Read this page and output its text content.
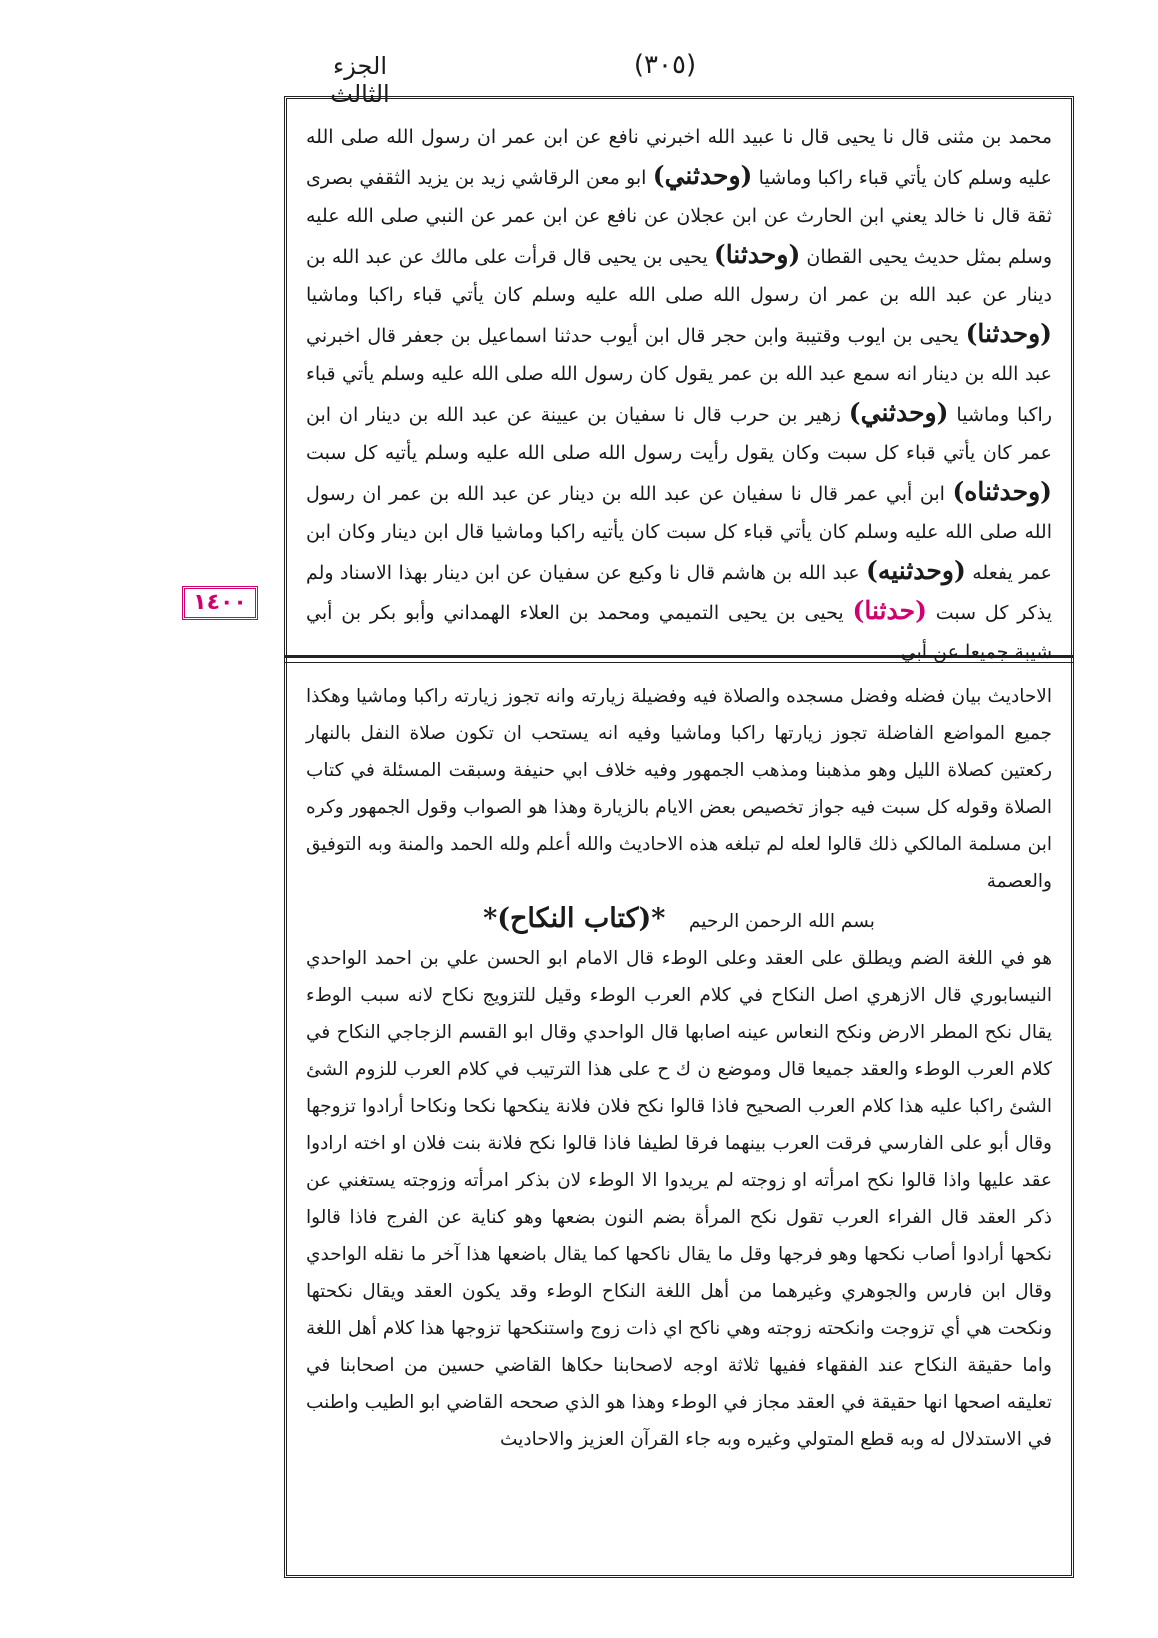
الجزء الثالث
(٣٠٥)
١٤٠٠

محمد بن مثنى قال نا يحيى قال نا عبيد الله اخبرني نافع عن ابن عمر ان رسول الله صلى الله عليه وسلم كان يأتي قباء راكبا وماشيا (وحدثني) ابو معن الرقاشي زيد بن يزيد الثقفي بصرى ثقة قال نا خالد يعني ابن الحارث عن ابن عجلان عن نافع عن ابن عمر عن النبي صلى الله عليه وسلم بمثل حديث يحيى القطان (وحدثنا) يحيى بن يحيى قال قرأت على مالك عن عبد الله بن دينار عن عبد الله بن عمر ان رسول الله صلى الله عليه وسلم كان يأتي قباء راكبا وماشيا (وحدثنا) يحيى بن ايوب وقتيبة وابن حجر قال ابن أيوب حدثنا اسماعيل بن جعفر قال اخبرني عبد الله بن دينار انه سمع عبد الله بن عمر يقول كان رسول الله صلى الله عليه وسلم يأتي قباء راكبا وماشيا (وحدثني) زهير بن حرب قال نا سفيان بن عيينة عن عبد الله بن دينار ان ابن عمر كان يأتي قباء كل سبت وكان يقول رأيت رسول الله صلى الله عليه وسلم يأتيه كل سبت (وحدثناه) ابن أبي عمر قال نا سفيان عن عبد الله بن دينار عن عبد الله بن عمر ان رسول الله صلى الله عليه وسلم كان يأتي قباء كل سبت كان يأتيه راكبا وماشيا قال ابن دينار وكان ابن عمر يفعله (وحدثنيه) عبد الله بن هاشم قال نا وكيع عن سفيان عن ابن دينار بهذا الاسناد ولم يذكر كل سبت (حدثنا) يحيى بن يحيى التميمي ومحمد بن العلاء الهمداني وأبو بكر بن أبي شيبة جميعا عن أبي

الاحاديث بيان فضله وفضل مسجده والصلاة فيه وفضيلة زيارته وانه تجوز زيارته راكبا وماشيا وهكذا جميع المواضع الفاضلة تجوز زيارتها راكبا وماشيا وفيه انه يستحب ان تكون صلاة النفل بالنهار ركعتين كصلاة الليل وهو مذهبنا ومذهب الجمهور وفيه خلاف ابي حنيفة وسبقت المسئلة في كتاب الصلاة وقوله كل سبت فيه جواز تخصيص بعض الايام بالزيارة وهذا هو الصواب وقول الجمهور وكره ابن مسلمة المالكي ذلك قالوا لعله لم تبلغه هذه الاحاديث والله أعلم ولله الحمد والمنة وبه التوفيق والعصمة

بسم الله الرحمن الرحيم    *(كتاب النكاح)*

هو في اللغة الضم ويطلق على العقد وعلى الوطء قال الامام ابو الحسن علي بن احمد الواحدي النيسابوري قال الازهري اصل النكاح في كلام العرب الوطء وقيل للتزويج نكاح لانه سبب الوطء يقال نكح المطر الارض ونكح النعاس عينه اصابها قال الواحدي وقال ابو القسم الزجاجي النكاح في كلام العرب الوطء والعقد جميعا قال وموضع ن ك ح على هذا الترتيب في كلام العرب للزوم الشئ الشئ راكبا عليه هذا كلام العرب الصحيح فاذا قالوا نكح فلان فلانة ينكحها نكحا ونكاحا أرادوا تزوجها وقال أبو على الفارسي فرقت العرب بينهما فرقا لطيفا فاذا قالوا نكح فلانة بنت فلان او اخته ارادوا عقد عليها واذا قالوا نكح امرأته او زوجته لم يريدوا الا الوطء لان بذكر امرأته وزوجته يستغني عن ذكر العقد قال الفراء العرب تقول نكح المرأة بضم النون بضعها وهو كناية عن الفرج فاذا قالوا نكحها أرادوا أصاب نكحها وهو فرجها وقل ما يقال ناكحها كما يقال باضعها هذا آخر ما نقله الواحدي وقال ابن فارس والجوهري وغيرهما من أهل اللغة النكاح الوطء وقد يكون العقد ويقال نكحتها ونكحت هي أي تزوجت وانكحته زوجته وهي ناكح اي ذات زوج واستنكحها تزوجها هذا كلام أهل اللغة واما حقيقة النكاح عند الفقهاء ففيها ثلاثة اوجه لاصحابنا حكاها القاضي حسين من اصحابنا في تعليقه اصحها انها حقيقة في العقد مجاز في الوطء وهذا هو الذي صححه القاضي ابو الطيب واطنب في الاستدلال له وبه قطع المتولي وغيره وبه جاء القرآن العزيز والاحاديث
